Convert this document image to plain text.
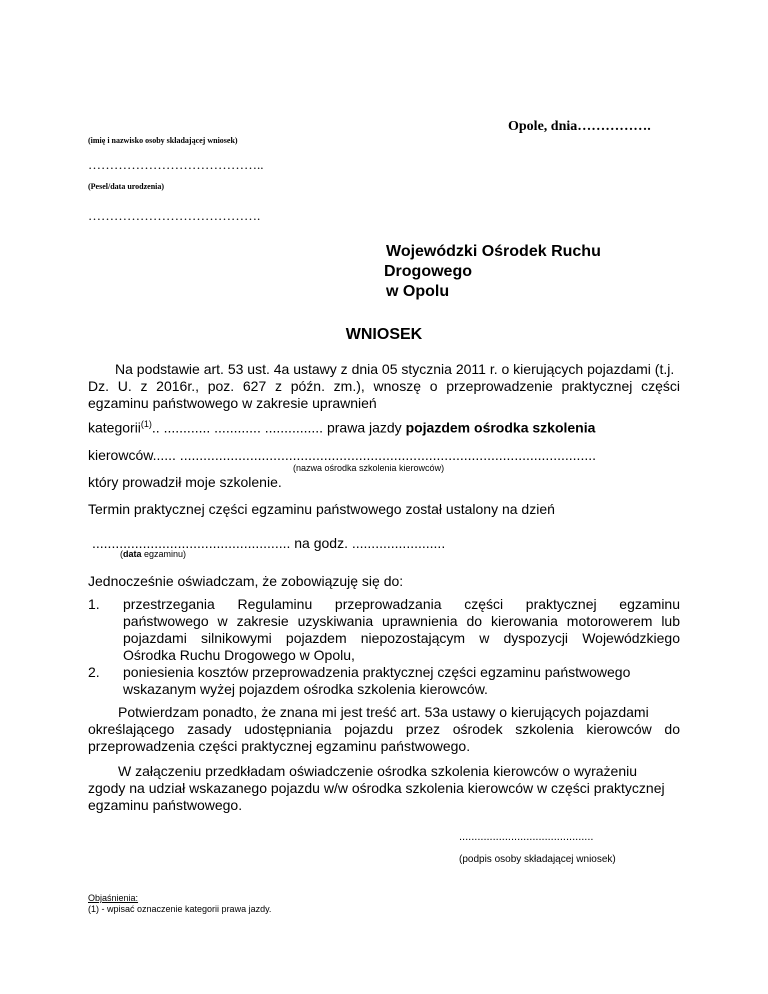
Opole, dnia…………….
(imię i nazwisko osoby składającej wniosek)
…………………………………..
(Pesel/data urodzenia)
………………………………….
Wojewódzki Ośrodek Ruchu
Drogowego
w Opolu
WNIOSEK
Na podstawie art. 53 ust. 4a ustawy z dnia 05 stycznia 2011 r. o kierujących pojazdami (t.j.
Dz. U. z 2016r., poz. 627 z późn. zm.), wnoszę o przeprowadzenie praktycznej części
egzaminu państwowego w zakresie uprawnień
kategorii$^{(1)}$.. ............ ............ ............... prawa jazdy pojazdem ośrodka szkolenia
kierowców...... ...........................................................................................................
(nazwa ośrodka szkolenia kierowców)
który prowadził moje szkolenie.
Termin praktycznej części egzaminu państwowego został ustalony na dzień
................................................... na godz. ........................
(data egzaminu)
Jednocześnie oświadczam, że zobowiązuję się do:
1. przestrzegania Regulaminu przeprowadzania części praktycznej egzaminu
państwowego w zakresie uzyskiwania uprawnienia do kierowania motorowerem lub
pojazdami silnikowymi pojazdem niepozostającym w dyspozycji Wojewódzkiego
Ośrodka Ruchu Drogowego w Opolu,
2. poniesienia kosztów przeprowadzenia praktycznej części egzaminu państwowego
wskazanym wyżej pojazdem ośrodka szkolenia kierowców.
Potwierdzam ponadto, że znana mi jest treść art. 53a ustawy o kierujących pojazdami
określającego zasady udostępniania pojazdu przez ośrodek szkolenia kierowców do
przeprowadzenia części praktycznej egzaminu państwowego.
W załączeniu przedkładam oświadczenie ośrodka szkolenia kierowców o wyrażeniu
zgody na udział wskazanego pojazdu w/w ośrodka szkolenia kierowców w części praktycznej
egzaminu państwowego.
............................................
(podpis osoby składającej wniosek)
Objaśnienia:
(1) - wpisać oznaczenie kategorii prawa jazdy.
